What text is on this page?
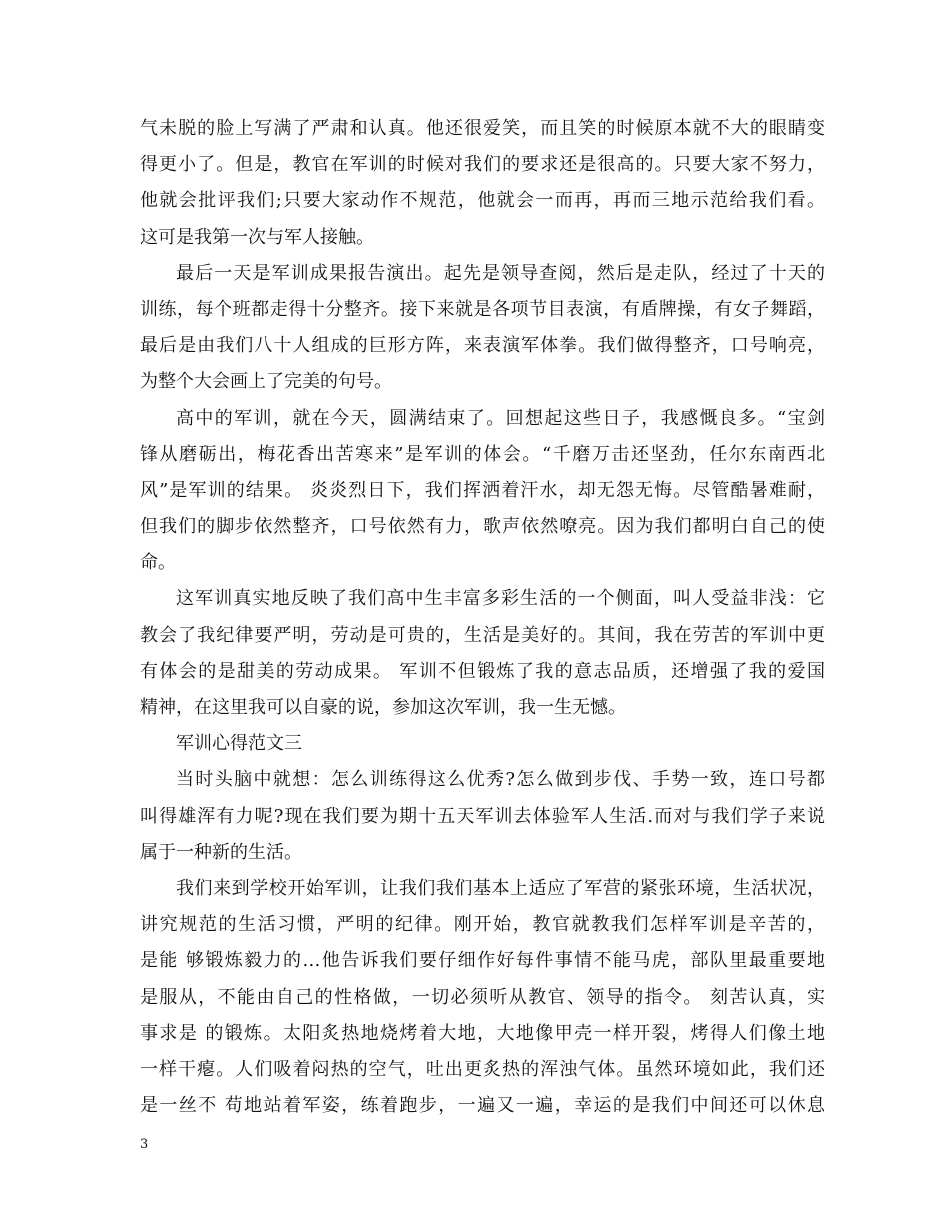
气未脱的脸上写满了严肃和认真。他还很爱笑，而且笑的时候原本就不大的眼睛变
得更小了。但是，教官在军训的时候对我们的要求还是很高的。只要大家不努力，
他就会批评我们;只要大家动作不规范，他就会一而再，再而三地示范给我们看。
这可是我第一次与军人接触。
最后一天是军训成果报告演出。起先是领导查阅，然后是走队，经过了十天的
训练，每个班都走得十分整齐。接下来就是各项节目表演，有盾牌操，有女子舞蹈，
最后是由我们八十人组成的巨形方阵，来表演军体拳。我们做得整齐，口号响亮，
为整个大会画上了完美的句号。
高中的军训，就在今天，圆满结束了。回想起这些日子，我感慨良多。“宝剑
锋从磨砺出，梅花香出苦寒来”是军训的体会。“千磨万击还坚劲，任尔东南西北
风”是军训的结果。 炎炎烈日下，我们挥洒着汗水，却无怨无悔。尽管酷暑难耐，
但我们的脚步依然整齐，口号依然有力，歌声依然嘹亮。因为我们都明白自己的使
命。
这军训真实地反映了我们高中生丰富多彩生活的一个侧面，叫人受益非浅：它
教会了我纪律要严明，劳动是可贵的，生活是美好的。其间，我在劳苦的军训中更
有体会的是甜美的劳动成果。 军训不但锻炼了我的意志品质，还增强了我的爱国
精神，在这里我可以自豪的说，参加这次军训，我一生无憾。
军训心得范文三
当时头脑中就想：怎么训练得这么优秀?怎么做到步伐、手势一致，连口号都
叫得雄浑有力呢?现在我们要为期十五天军训去体验军人生活.而对与我们学子来说
属于一种新的生活。
我们来到学校开始军训，让我们我们基本上适应了军营的紧张环境，生活状况，
讲究规范的生活习惯，严明的纪律。刚开始，教官就教我们怎样军训是辛苦的，
是能 够锻炼毅力的…他告诉我们要仔细作好每件事情不能马虎，部队里最重要地
是服从，不能由自己的性格做，一切必须听从教官、领导的指令。 刻苦认真，实
事求是 的锻炼。太阳炙热地烧烤着大地，大地像甲壳一样开裂，烤得人们像土地
一样干瘪。人们吸着闷热的空气，吐出更炙热的浑浊气体。虽然环境如此，我们还
是一丝不 苟地站着军姿，练着跑步，一遍又一遍，幸运的是我们中间还可以休息
3
